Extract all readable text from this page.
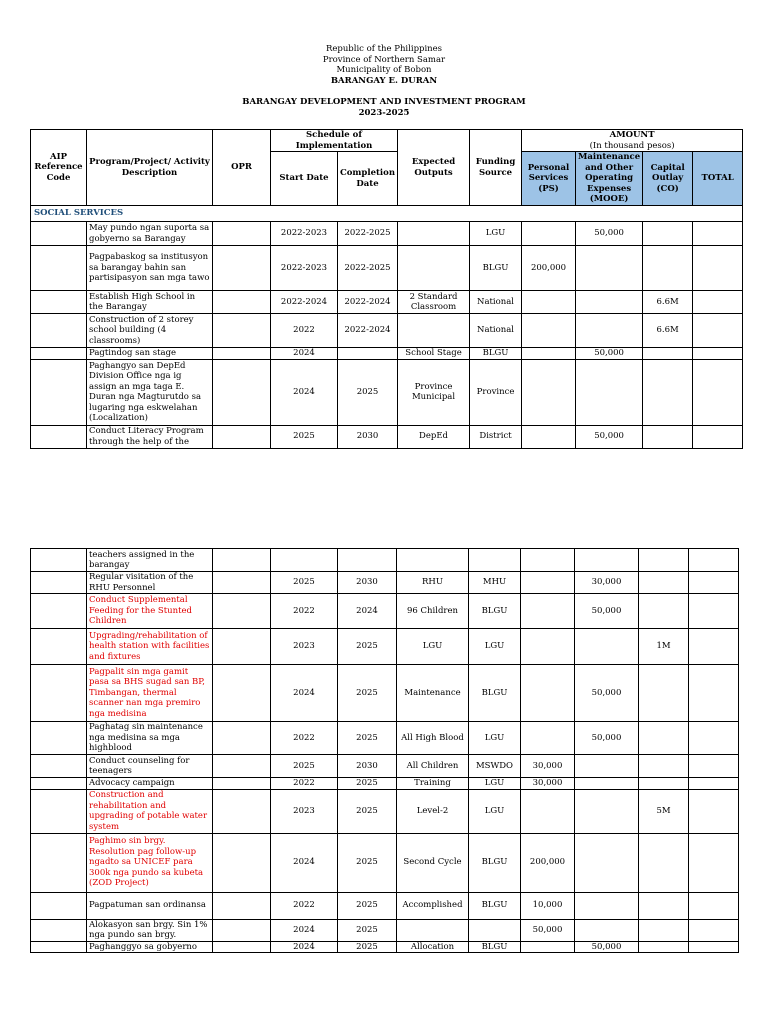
Republic of the Philippines
Province of Northern Samar
Municipality of Bobon
BARANGAY E. DURAN
BARANGAY DEVELOPMENT AND INVESTMENT PROGRAM
2023-2025
AIP Reference Code	Program/Project/ Activity Description	OPR	Schedule of Implementation		Expected Outputs	Funding Source	AMOUNT
(In thousand pesos)			
			Start Date	Completion Date			Personal Services (PS)	Maintenance and Other Operating Expenses (MOOE)	Capital Outlay (CO)	TOTAL
SOCIAL SERVICES										
	May pundo ngan suporta sa gobyerno sa Barangay		2022-2023	2022-2025		LGU		50,000		
	Pagpabaskog sa institusyon sa barangay bahin san partisipasyon san mga tawo		2022-2023	2022-2025		BLGU	200,000			
	Establish High School in the Barangay		2022-2024	2022-2024	2 Standard Classroom	National			6.6M	
	Construction of 2 storey school building (4 classrooms)		2022	2022-2024		National			6.6M	
	Pagtindog san stage		2024		School Stage	BLGU		50,000		
	Paghangyo san DepEd Division Office nga ig assign an mga taga E. Duran nga Magturutdo sa lugaring nga eskwelahan (Localization)		2024	2025	Province Municipal	Province				
	Conduct Literacy Program through the help of the		2025	2030	DepEd	District		50,000		
	teachers assigned in the barangay									
	Regular visitation of the RHU Personnel		2025	2030	RHU	MHU		30,000		
	Conduct Supplemental Feeding for the Stunted Children		2022	2024	96 Children	BLGU		50,000		
	Upgrading/rehabilitation of health station with facilities and fixtures		2023	2025	LGU	LGU			1M	
	Pagpalit sin mga gamit pasa sa BHS sugad san BP, Timbangan, thermal scanner nan mga premiro nga medisina		2024	2025	Maintenance	BLGU		50,000		
	Paghatag sin maintenance nga medisina sa mga highblood		2022	2025	All High Blood	LGU		50,000		
	Conduct counseling for teenagers		2025	2030	All Children	MSWDO	30,000			
	Advocacy campaign		2022	2025	Training	LGU	30,000			
	Construction and rehabilitation and upgrading of potable water system		2023	2025	Level-2	LGU			5M	
	Paghimo sin brgy. Resolution pag follow-up ngadto sa UNICEF para 300k nga pundo sa kubeta (ZOD Project)		2024	2025	Second Cycle	BLGU	200,000			
	Pagpatuman san ordinansa		2022	2025	Accomplished	BLGU	10,000			
	Alokasyon san brgy. Sin 1% nga pundo san brgy.		2024	2025			50,000			
	Paghanggyo sa gobyerno		2024	2025	Allocation	BLGU		50,000		
